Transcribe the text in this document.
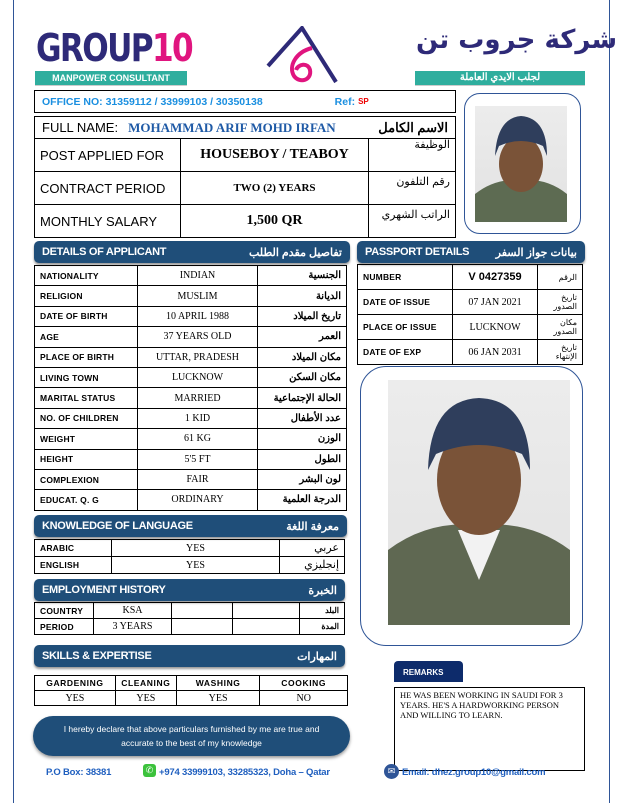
GROUP10
MANPOWER CONSULTANT
شركة جروب تن
لجلب الايدي العاملة
OFFICE NO: 31359112 / 33999103 / 30350138	Ref: SP
FULL NAME: MOHAMMAD ARIF MOHD IRFAN	الاسم الكامل
POST APPLIED FOR	HOUSEBOY / TEABOY	الوظيفة
CONTRACT PERIOD	TWO (2) YEARS	رقم التلفون
MONTHLY SALARY	1,500 QR	الراتب الشهري
DETAILS OF APPLICANT	تفاصيل مقدم الطلب
NATIONALITY	INDIAN	الجنسية
RELIGION	MUSLIM	الديانة
DATE OF BIRTH	10 APRIL 1988	تاريخ الميلاد
AGE	37 YEARS OLD	العمر
PLACE OF BIRTH	UTTAR, PRADESH	مكان الميلاد
LIVING TOWN	LUCKNOW	مكان السكن
MARITAL STATUS	MARRIED	الحالة الإجتماعية
NO. OF CHILDREN	1 KID	عدد الأطفال
WEIGHT	61 KG	الوزن
HEIGHT	5'5 FT	الطول
COMPLEXION	FAIR	لون البشر
EDUCAT. Q. G	ORDINARY	الدرجة العلمية
PASSPORT DETAILS بيانات جواز السفر
NUMBER	V 0427359	الرقم
DATE OF ISSUE	07 JAN 2021	تاريخ الصدور
PLACE OF ISSUE	LUCKNOW	مكان الصدور
DATE OF EXP	06 JAN 2031	تاريخ الإنتهاء
KNOWLEDGE OF LANGUAGE	معرفة اللغة
ARABIC	YES	عربي
ENGLISH	YES	إنجليزي
EMPLOYMENT HISTORY	الخبرة
COUNTRY	KSA			البلد
PERIOD	3 YEARS			المدة
SKILLS & EXPERTISE	المهارات
GARDENING	CLEANING	WASHING	COOKING
YES	YES	YES	NO
REMARKS
HE WAS BEEN WORKING IN SAUDI FOR 3 YEARS. HE'S A HARDWORKING PERSON AND WILLING TO LEARN.
I hereby declare that above particulars furnished by me are true and accurate to the best of my knowledge
P.O Box: 38381	✆ +974 33999103, 33285323, Doha – Qatar	✉ Email: dhez.group10@gmail.com
